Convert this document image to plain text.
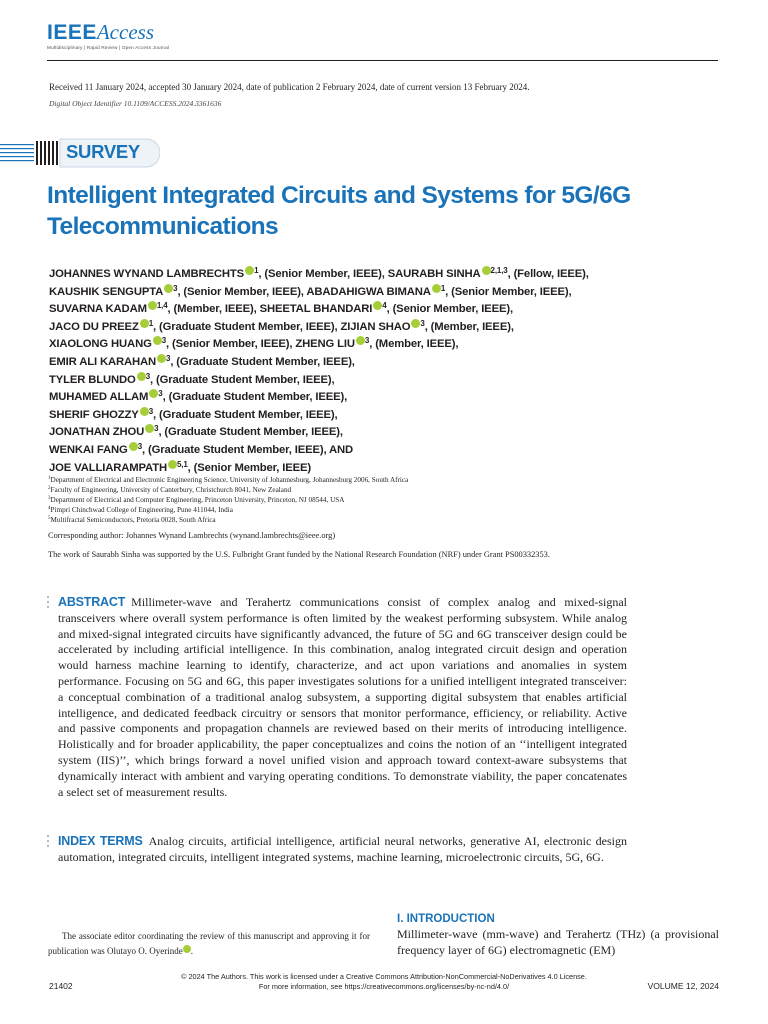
IEEEAccess
Multidisciplinary | Rapid Review | Open Access Journal
Received 11 January 2024, accepted 30 January 2024, date of publication 2 February 2024, date of current version 13 February 2024.
Digital Object Identifier 10.1109/ACCESS.2024.3361636
SURVEY
Intelligent Integrated Circuits and Systems for 5G/6G Telecommunications
JOHANNES WYNAND LAMBRECHTS $^1$, (Senior Member, IEEE), SAURABH SINHA $^{2,1,3}$, (Fellow, IEEE),
KAUSHIK SENGUPTA $^3$, (Senior Member, IEEE), ABADAHIGWA BIMANA $^1$, (Senior Member, IEEE),
SUVARNA KADAM $^{1,4}$, (Member, IEEE), SHEETAL BHANDARI $^4$, (Senior Member, IEEE),
JACO DU PREEZ $^1$, (Graduate Student Member, IEEE), ZIJIAN SHAO $^3$, (Member, IEEE),
XIAOLONG HUANG $^3$, (Senior Member, IEEE), ZHENG LIU $^3$, (Member, IEEE),
EMIR ALI KARAHAN $^3$, (Graduate Student Member, IEEE),
TYLER BLUNDO $^3$, (Graduate Student Member, IEEE),
MUHAMED ALLAM $^3$, (Graduate Student Member, IEEE),
SHERIF GHOZZY $^3$, (Graduate Student Member, IEEE),
JONATHAN ZHOU $^3$, (Graduate Student Member, IEEE),
WENKAI FANG $^3$, (Graduate Student Member, IEEE), AND
JOE VALLIARAMPATH $^{5,1}$, (Senior Member, IEEE)
$^1$Department of Electrical and Electronic Engineering Science, University of Johannesburg, Johannesburg 2006, South Africa
$^2$Faculty of Engineering, University of Canterbury, Christchurch 8041, New Zealand
$^3$Department of Electrical and Computer Engineering, Princeton University, Princeton, NJ 08544, USA
$^4$Pimpri Chinchwad College of Engineering, Pune 411044, India
$^5$Multifractal Semiconductors, Pretoria 0028, South Africa
Corresponding author: Johannes Wynand Lambrechts (wynand.lambrechts@ieee.org)
The work of Saurabh Sinha was supported by the U.S. Fulbright Grant funded by the National Research Foundation (NRF) under Grant PS00332353.
ABSTRACT Millimeter-wave and Terahertz communications consist of complex analog and mixed-signal transceivers where overall system performance is often limited by the weakest performing subsystem. While analog and mixed-signal integrated circuits have significantly advanced, the future of 5G and 6G transceiver design could be accelerated by including artificial intelligence. In this combination, analog integrated circuit design and operation would harness machine learning to identify, characterize, and act upon variations and anomalies in system performance. Focusing on 5G and 6G, this paper investigates solutions for a unified intelligent integrated transceiver: a conceptual combination of a traditional analog subsystem, a supporting digital subsystem that enables artificial intelligence, and dedicated feedback circuitry or sensors that monitor performance, efficiency, or reliability. Active and passive components and propagation channels are reviewed based on their merits of introducing intelligence. Holistically and for broader applicability, the paper conceptualizes and coins the notion of an ‘‘intelligent integrated system (IIS)’’, which brings forward a novel unified vision and approach toward context-aware subsystems that dynamically interact with ambient and varying operating conditions. To demonstrate viability, the paper concatenates a select set of measurement results.
INDEX TERMS Analog circuits, artificial intelligence, artificial neural networks, generative AI, electronic design automation, integrated circuits, intelligent integrated systems, machine learning, microelectronic circuits, 5G, 6G.
The associate editor coordinating the review of this manuscript and approving it for publication was Olutayo O. Oyerinde .
I. INTRODUCTION
Millimeter-wave (mm-wave) and Terahertz (THz) (a provisional frequency layer of 6G) electromagnetic (EM)
© 2024 The Authors. This work is licensed under a Creative Commons Attribution-NonCommercial-NoDerivatives 4.0 License.
For more information, see https://creativecommons.org/licenses/by-nc-nd/4.0/
21402	VOLUME 12, 2024
